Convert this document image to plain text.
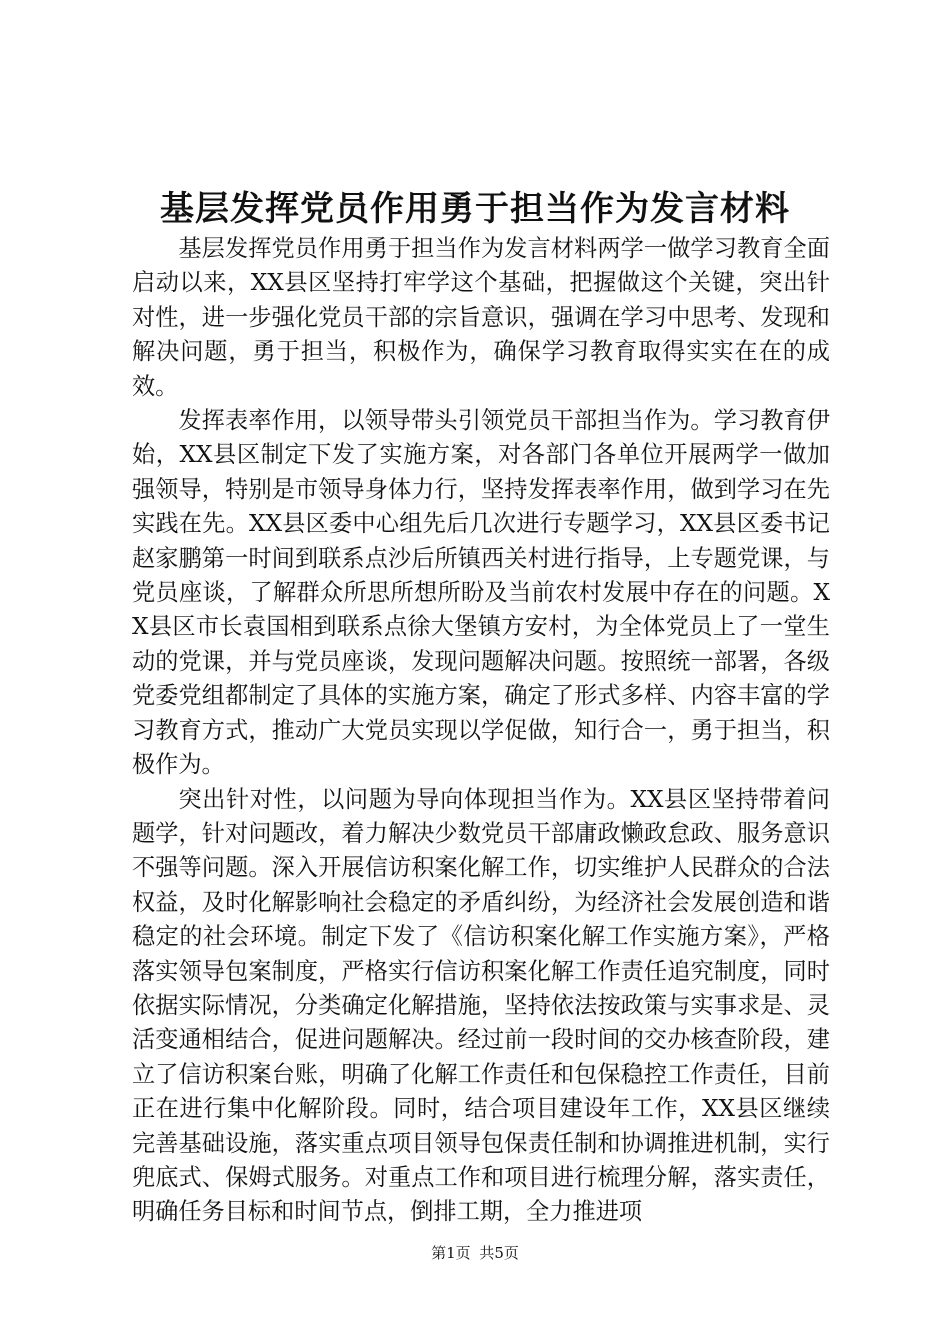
基层发挥党员作用勇于担当作为发言材料

基层发挥党员作用勇于担当作为发言材料两学一做学习教育全面启动以来，XX县区坚持打牢学这个基础，把握做这个关键，突出针对性，进一步强化党员干部的宗旨意识，强调在学习中思考、发现和解决问题，勇于担当，积极作为，确保学习教育取得实实在在的成效。

发挥表率作用，以领导带头引领党员干部担当作为。学习教育伊始，XX县区制定下发了实施方案，对各部门各单位开展两学一做加强领导，特别是市领导身体力行，坚持发挥表率作用，做到学习在先实践在先。XX县区委中心组先后几次进行专题学习，XX县区委书记赵家鹏第一时间到联系点沙后所镇西关村进行指导，上专题党课，与党员座谈，了解群众所思所想所盼及当前农村发展中存在的问题。XX县区市长袁国相到联系点徐大堡镇方安村，为全体党员上了一堂生动的党课，并与党员座谈，发现问题解决问题。按照统一部署，各级党委党组都制定了具体的实施方案，确定了形式多样、内容丰富的学习教育方式，推动广大党员实现以学促做，知行合一，勇于担当，积极作为。

突出针对性，以问题为导向体现担当作为。XX县区坚持带着问题学，针对问题改，着力解决少数党员干部庸政懒政怠政、服务意识不强等问题。深入开展信访积案化解工作，切实维护人民群众的合法权益，及时化解影响社会稳定的矛盾纠纷，为经济社会发展创造和谐稳定的社会环境。制定下发了《信访积案化解工作实施方案》，严格落实领导包案制度，严格实行信访积案化解工作责任追究制度，同时依据实际情况，分类确定化解措施，坚持依法按政策与实事求是、灵活变通相结合，促进问题解决。经过前一段时间的交办核查阶段，建立了信访积案台账，明确了化解工作责任和包保稳控工作责任，目前正在进行集中化解阶段。同时，结合项目建设年工作，XX县区继续完善基础设施，落实重点项目领导包保责任制和协调推进机制，实行兜底式、保姆式服务。对重点工作和项目进行梳理分解，落实责任，明确任务目标和时间节点，倒排工期，全力推进项

第1页 共5页
